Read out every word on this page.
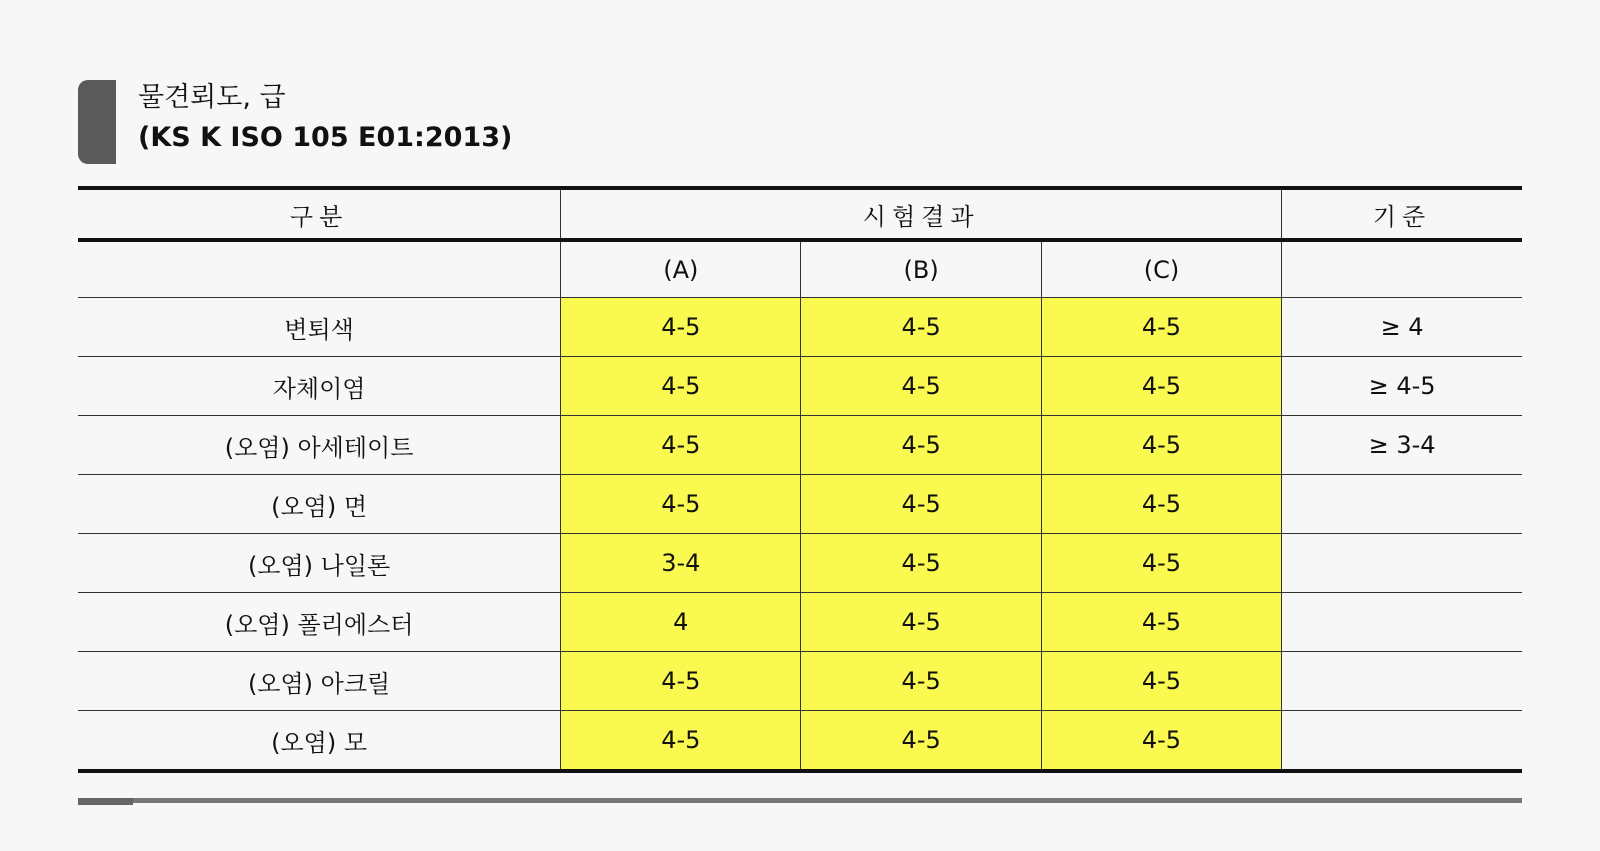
물견뢰도, 급
(KS K ISO 105 E01:2013)
구분	시험결과			기준
	(A)	(B)	(C)	
변퇴색	4-5	4-5	4-5	≥ 4
자체이염	4-5	4-5	4-5	≥ 4-5
(오염) 아세테이트	4-5	4-5	4-5	≥ 3-4
(오염) 면	4-5	4-5	4-5	
(오염) 나일론	3-4	4-5	4-5	
(오염) 폴리에스터	4	4-5	4-5	
(오염) 아크릴	4-5	4-5	4-5	
(오염) 모	4-5	4-5	4-5	
